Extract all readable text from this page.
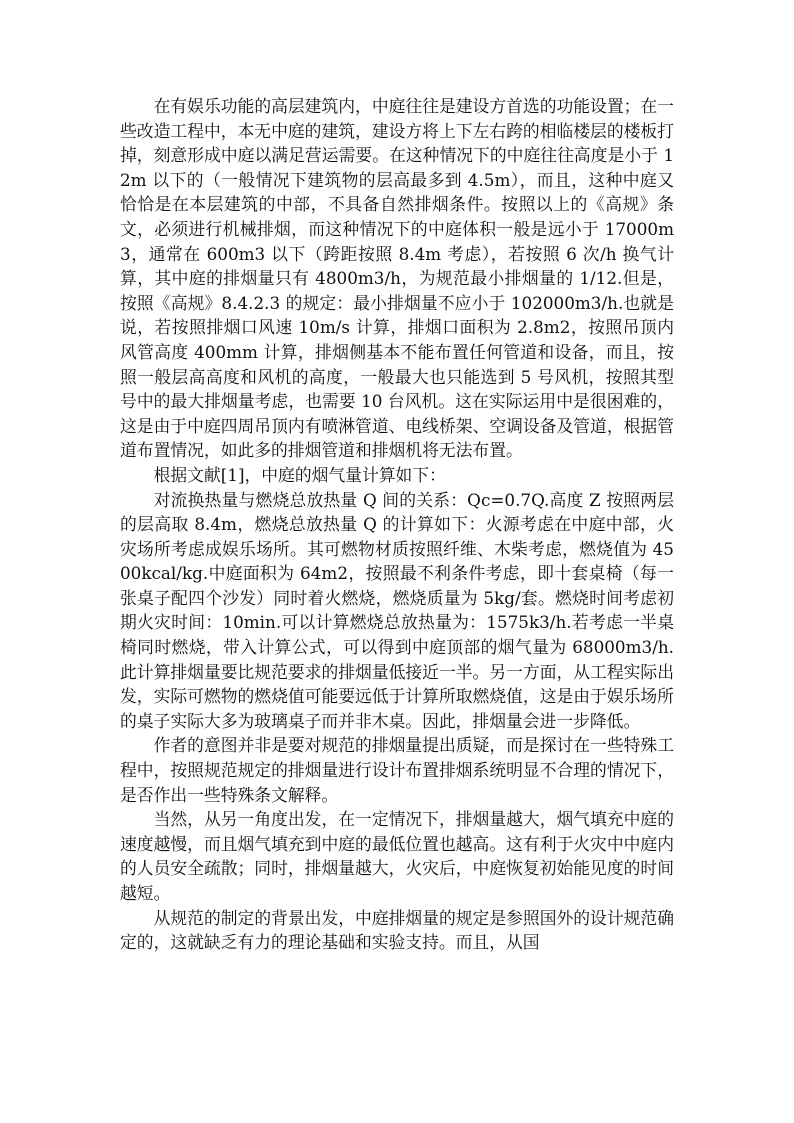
在有娱乐功能的高层建筑内，中庭往往是建设方首选的功能设置；在一些改造工程中，本无中庭的建筑，建设方将上下左右跨的相临楼层的楼板打掉，刻意形成中庭以满足营运需要。在这种情况下的中庭往往高度是小于 12m 以下的（一般情况下建筑物的层高最多到 4.5m），而且，这种中庭又恰恰是在本层建筑的中部，不具备自然排烟条件。按照以上的《高规》条文，必须进行机械排烟，而这种情况下的中庭体积一般是远小于 17000m3，通常在 600m3 以下（跨距按照 8.4m 考虑），若按照 6 次/h 换气计算，其中庭的排烟量只有 4800m3/h，为规范最小排烟量的 1/12.但是，按照《高规》8.4.2.3 的规定：最小排烟量不应小于 102000m3/h.也就是说，若按照排烟口风速 10m/s 计算，排烟口面积为 2.8m2，按照吊顶内风管高度 400mm 计算，排烟侧基本不能布置任何管道和设备，而且，按照一般层高高度和风机的高度，一般最大也只能选到 5 号风机，按照其型号中的最大排烟量考虑，也需要 10 台风机。这在实际运用中是很困难的，这是由于中庭四周吊顶内有喷淋管道、电线桥架、空调设备及管道，根据管道布置情况，如此多的排烟管道和排烟机将无法布置。

根据文献[1]，中庭的烟气量计算如下：

对流换热量与燃烧总放热量 Q 间的关系：Qc=0.7Q.高度 Z 按照两层的层高取 8.4m，燃烧总放热量 Q 的计算如下：火源考虑在中庭中部，火灾场所考虑成娱乐场所。其可燃物材质按照纤维、木柴考虑，燃烧值为 4500kcal/kg.中庭面积为 64m2，按照最不利条件考虑，即十套桌椅（每一张桌子配四个沙发）同时着火燃烧，燃烧质量为 5kg/套。燃烧时间考虑初期火灾时间：10min.可以计算燃烧总放热量为：1575k3/h.若考虑一半桌椅同时燃烧，带入计算公式，可以得到中庭顶部的烟气量为 68000m3/h.此计算排烟量要比规范要求的排烟量低接近一半。另一方面，从工程实际出发，实际可燃物的燃烧值可能要远低于计算所取燃烧值，这是由于娱乐场所的桌子实际大多为玻璃桌子而并非木桌。因此，排烟量会进一步降低。

作者的意图并非是要对规范的排烟量提出质疑，而是探讨在一些特殊工程中，按照规范规定的排烟量进行设计布置排烟系统明显不合理的情况下，是否作出一些特殊条文解释。

当然，从另一角度出发，在一定情况下，排烟量越大，烟气填充中庭的速度越慢，而且烟气填充到中庭的最低位置也越高。这有利于火灾中中庭内的人员安全疏散；同时，排烟量越大，火灾后，中庭恢复初始能见度的时间越短。

从规范的制定的背景出发，中庭排烟量的规定是参照国外的设计规范确定的，这就缺乏有力的理论基础和实验支持。而且，从国
